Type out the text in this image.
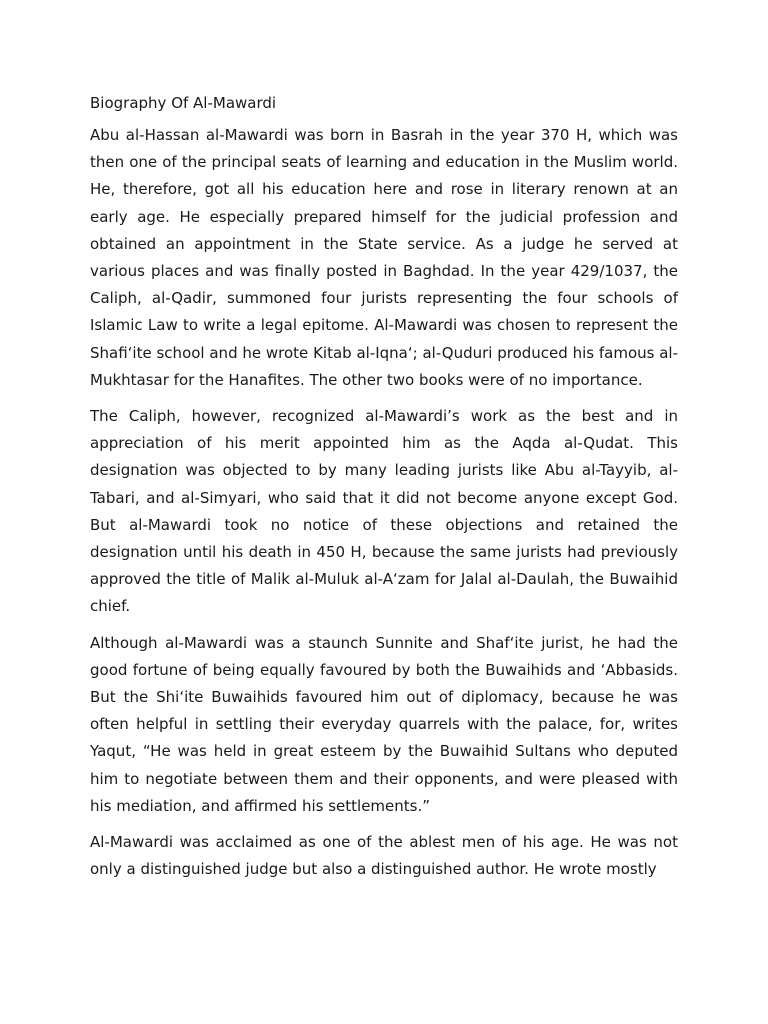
Biography Of Al-Mawardi

Abu al-Hassan al-Mawardi was born in Basrah in the year 370 H, which was then one of the principal seats of learning and education in the Muslim world. He, therefore, got all his education here and rose in literary renown at an early age. He especially prepared himself for the judicial profession and obtained an appointment in the State service. As a judge he served at various places and was finally posted in Baghdad. In the year 429/1037, the Caliph, al-Qadir, summoned four jurists representing the four schools of Islamic Law to write a legal epitome. Al-Mawardi was chosen to represent the Shafi‘ite school and he wrote Kitab al-Iqna‘; al-Quduri produced his famous al-Mukhtasar for the Hanafites. The other two books were of no importance.

The Caliph, however, recognized al-Mawardi’s work as the best and in appreciation of his merit appointed him as the Aqda al-Qudat. This designation was objected to by many leading jurists like Abu al-Tayyib, al-Tabari, and al-Simyari, who said that it did not become anyone except God. But al-Mawardi took no notice of these objections and retained the designation until his death in 450 H, because the same jurists had previously approved the title of Malik al-Muluk al-A‘zam for Jalal al-Daulah, the Buwaihid chief.

Although al-Mawardi was a staunch Sunnite and Shaf‘ite jurist, he had the good fortune of being equally favoured by both the Buwaihids and ‘Abbasids. But the Shi‘ite Buwaihids favoured him out of diplomacy, because he was often helpful in settling their everyday quarrels with the palace, for, writes Yaqut, “He was held in great esteem by the Buwaihid Sultans who deputed him to negotiate between them and their opponents, and were pleased with his mediation, and affirmed his settlements.”

Al-Mawardi was acclaimed as one of the ablest men of his age. He was not only a distinguished judge but also a distinguished author. He wrote mostly
